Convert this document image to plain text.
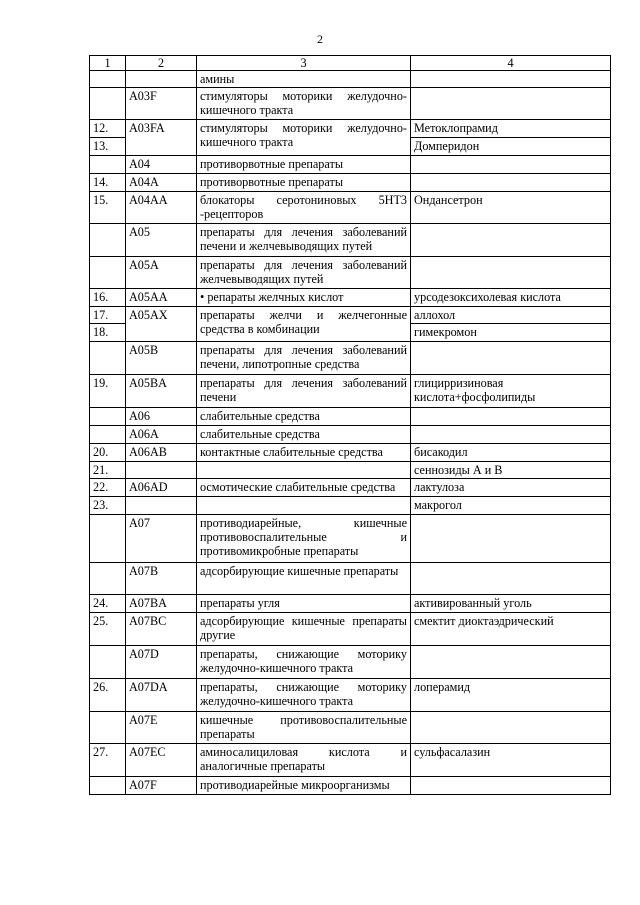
2
1	2	3	4
		амины	
	A03F	стимуляторы моторики желудочно-кишечного тракта	
12.	A03FA	стимуляторы моторики желудочно-кишечного тракта	Метоклопрамид
13.			Домперидон
	A04	противорвотные препараты	
14.	A04A	противорвотные препараты	
15.	A04AA	блокаторы серотониновых 5HT3 -рецепторов	Ондансетрон
	A05	препараты для лечения заболеваний печени и желчевыводящих путей	
	A05A	препараты для лечения заболеваний желчевыводящих путей	
16.	A05AA	• репараты желчных кислот	урсодезоксихолевая кислота
17.	A05AX	препараты желчи и желчегонные средства в комбинации	аллохол
18.			гимекромон
	A05B	препараты для лечения заболеваний печени, липотропные средства	
19.	A05BA	препараты для лечения заболеваний печени	глицирризиновая кислота+фосфолипиды
	A06	слабительные средства	
	A06A	слабительные средства	
20.	A06AB	контактные слабительные средства	бисакодил
21.			сеннозиды А и В
22.	A06AD	осмотические слабительные средства	лактулоза
23.			макрогол
	A07	противодиарейные, кишечные противовоспалительные и противомикробные препараты	
	A07B	адсорбирующие кишечные препараты	
24.	A07BA	препараты угля	активированный уголь
25.	A07BC	адсорбирующие кишечные препараты другие	смектит диоктаэдрический
	A07D	препараты, снижающие моторику желудочно-кишечного тракта	
26.	A07DA	препараты, снижающие моторику желудочно-кишечного тракта	лоперамид
	A07E	кишечные противовоспалительные препараты	
27.	A07EC	аминосалициловая кислота и аналогичные препараты	сульфасалазин
	A07F	противодиарейные микроорганизмы	
